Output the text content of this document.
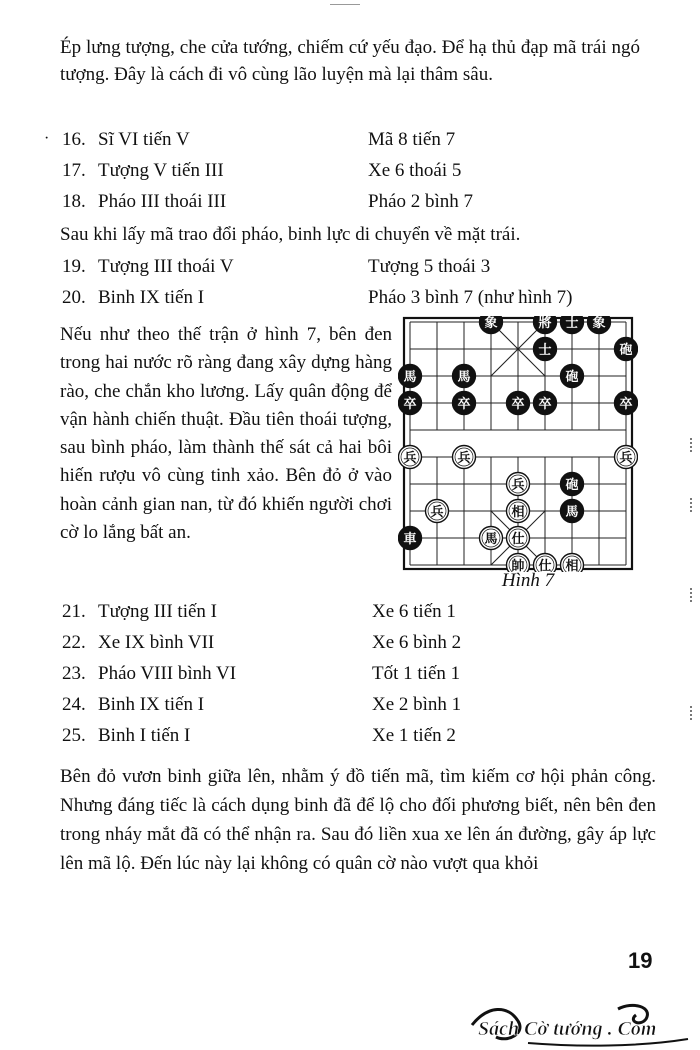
Ép lưng tượng, che cửa tướng, chiếm cứ yếu đạo. Để hạ thủ đạp mã trái ngó tượng. Đây là cách đi vô cùng lão luyện mà lại thâm sâu.

· 16. Sĩ VI tiến V	Mã 8 tiến 7
17. Tượng V tiến III	Xe 6 thoái 5
18. Pháo III thoái III	Pháo 2 bình 7

Sau khi lấy mã trao đổi pháo, binh lực di chuyển về mặt trái.

19. Tượng III thoái V	Tượng 5 thoái 3
20. Binh IX tiến I	Pháo 3 bình 7 (như hình 7)

Nếu như theo thế trận ở hình 7, bên đen trong hai nước rõ ràng đang xây dựng hàng rào, che chắn kho lương. Lấy quân động để vận hành chiến thuật. Đầu tiên thoái tượng, sau bình pháo, làm thành thế sát cả hai bôi hiến rượu vô cùng tinh xảo. Bên đỏ ở vào hoàn cảnh gian nan, từ đó khiến người chơi cờ lo lắng bất an.

象	將 士 象
士	砲
馬	馬	砲
卒	卒	卒 卒	卒
兵	兵	兵
兵	砲
兵	相	馬
車	馬 仕
帥 仕 相
Hình 7
21. Tượng III tiến I	Xe 6 tiến 1
22. Xe IX bình VII	Xe 6 bình 2
23. Pháo VIII bình VI	Tốt 1 tiến 1
24. Binh IX tiến I	Xe 2 bình 1
25. Binh I tiến I	Xe 1 tiến 2

Bên đỏ vươn binh giữa lên, nhằm ý đồ tiến mã, tìm kiếm cơ hội phản công. Nhưng đáng tiếc là cách dụng binh đã để lộ cho đối phương biết, nên bên đen trong nháy mắt đã có thể nhận ra. Sau đó liền xua xe lên án đường, gây áp lực lên mã lộ. Đến lúc này lại không có quân cờ nào vượt qua khỏi

19
Sách Cờ tướng . Com
